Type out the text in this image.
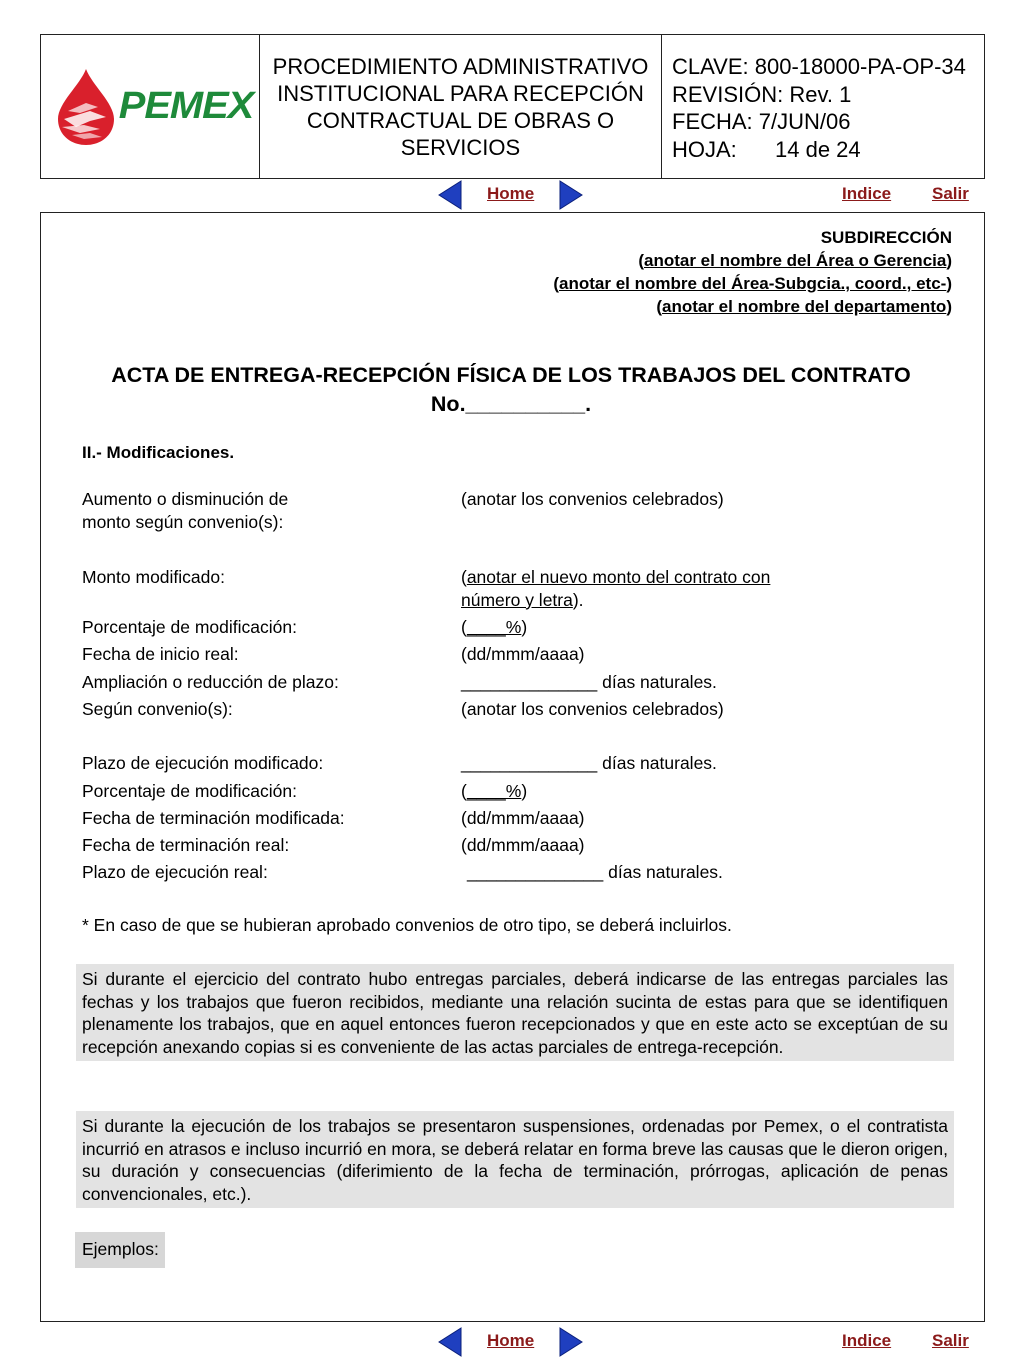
PEMEX
PROCEDIMIENTO ADMINISTRATIVO
INSTITUCIONAL PARA RECEPCIÓN
CONTRACTUAL DE OBRAS O
SERVICIOS
CLAVE: 800-18000-PA-OP-34
REVISIÓN: Rev. 1
FECHA: 7/JUN/06
HOJA: 14 de 24
Home	Indice Salir
SUBDIRECCIÓN
(anotar el nombre del Área o Gerencia)
(anotar el nombre del Área-Subgcia., coord., etc-)
(anotar el nombre del departamento)
ACTA DE ENTREGA-RECEPCIÓN FÍSICA DE LOS TRABAJOS DEL CONTRATO
No.__________.
II.- Modificaciones.
Aumento o disminución de
monto según convenio(s):
(anotar los convenios celebrados)
Monto modificado:	(anotar el nuevo monto del contrato con
número y letra).
Porcentaje de modificación:	(____%)
Fecha de inicio real:	(dd/mmm/aaaa)
Ampliación o reducción de plazo:	______________ días naturales.
Según convenio(s):	(anotar los convenios celebrados)
Plazo de ejecución modificado:	______________ días naturales.
Porcentaje de modificación:	(____%)
Fecha de terminación modificada:	(dd/mmm/aaaa)
Fecha de terminación real:	(dd/mmm/aaaa)
Plazo de ejecución real:	______________ días naturales.
* En caso de que se hubieran aprobado convenios de otro tipo, se deberá incluirlos.

Si durante el ejercicio del contrato hubo entregas parciales, deberá indicarse de las entregas parciales las fechas y los trabajos que fueron recibidos, mediante una relación sucinta de estas para que se identifiquen plenamente los trabajos, que en aquel entonces fueron recepcionados y que en este acto se exceptúan de su recepción anexando copias si es conveniente de las actas parciales de entrega-recepción.

Si durante la ejecución de los trabajos se presentaron suspensiones, ordenadas por Pemex, o el contratista incurrió en atrasos e incluso incurrió en mora, se deberá relatar en forma breve las causas que le dieron origen, su duración y consecuencias (diferimiento de la fecha de terminación, prórrogas, aplicación de penas convencionales, etc.).

Ejemplos:
Home	Indice Salir
